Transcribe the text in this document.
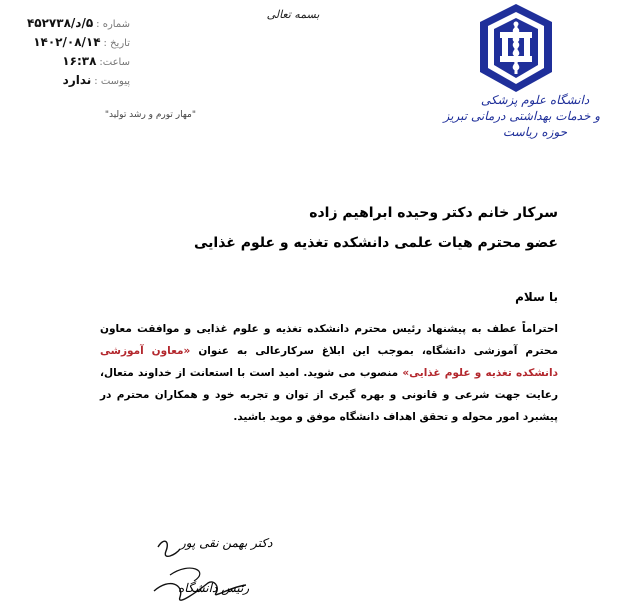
دانشگاه علوم پزشکی
و خدمات بهداشتی درمانی تبریز
حوزه ریاست
بسمه تعالی
شماره :
۵/د/۴۵۲۷۳۸
تاریخ :
۱۴۰۲/۰۸/۱۴
ساعت:
۱۶:۳۸
پیوست :
ندارد
"مهار تورم و رشد تولید"
سرکار خانم دکتر وحیده ابراهیم زاده
عضو محترم هیات علمی دانشکده تغذیه و علوم غذایی
با سلام
احتراماً عطف به پیشنهاد رئیس محترم دانشکده تغذیه و علوم غذایی و موافقت معاون محترم آموزشی دانشگاه، بموجب این ابلاغ سرکارعالی به عنوان «معاون آموزشی دانشکده تغذیه و علوم غذایی» منصوب می شوید. امید است با استعانت از خداوند متعال، رعایت جهت شرعی و قانونی و بهره گیری از توان و تجربه خود و همکاران محترم در پیشبرد امور محوله و تحقق اهداف دانشگاه موفق و موید باشید.
دکتر بهمن نقی پور
رئیس دانشگاه
